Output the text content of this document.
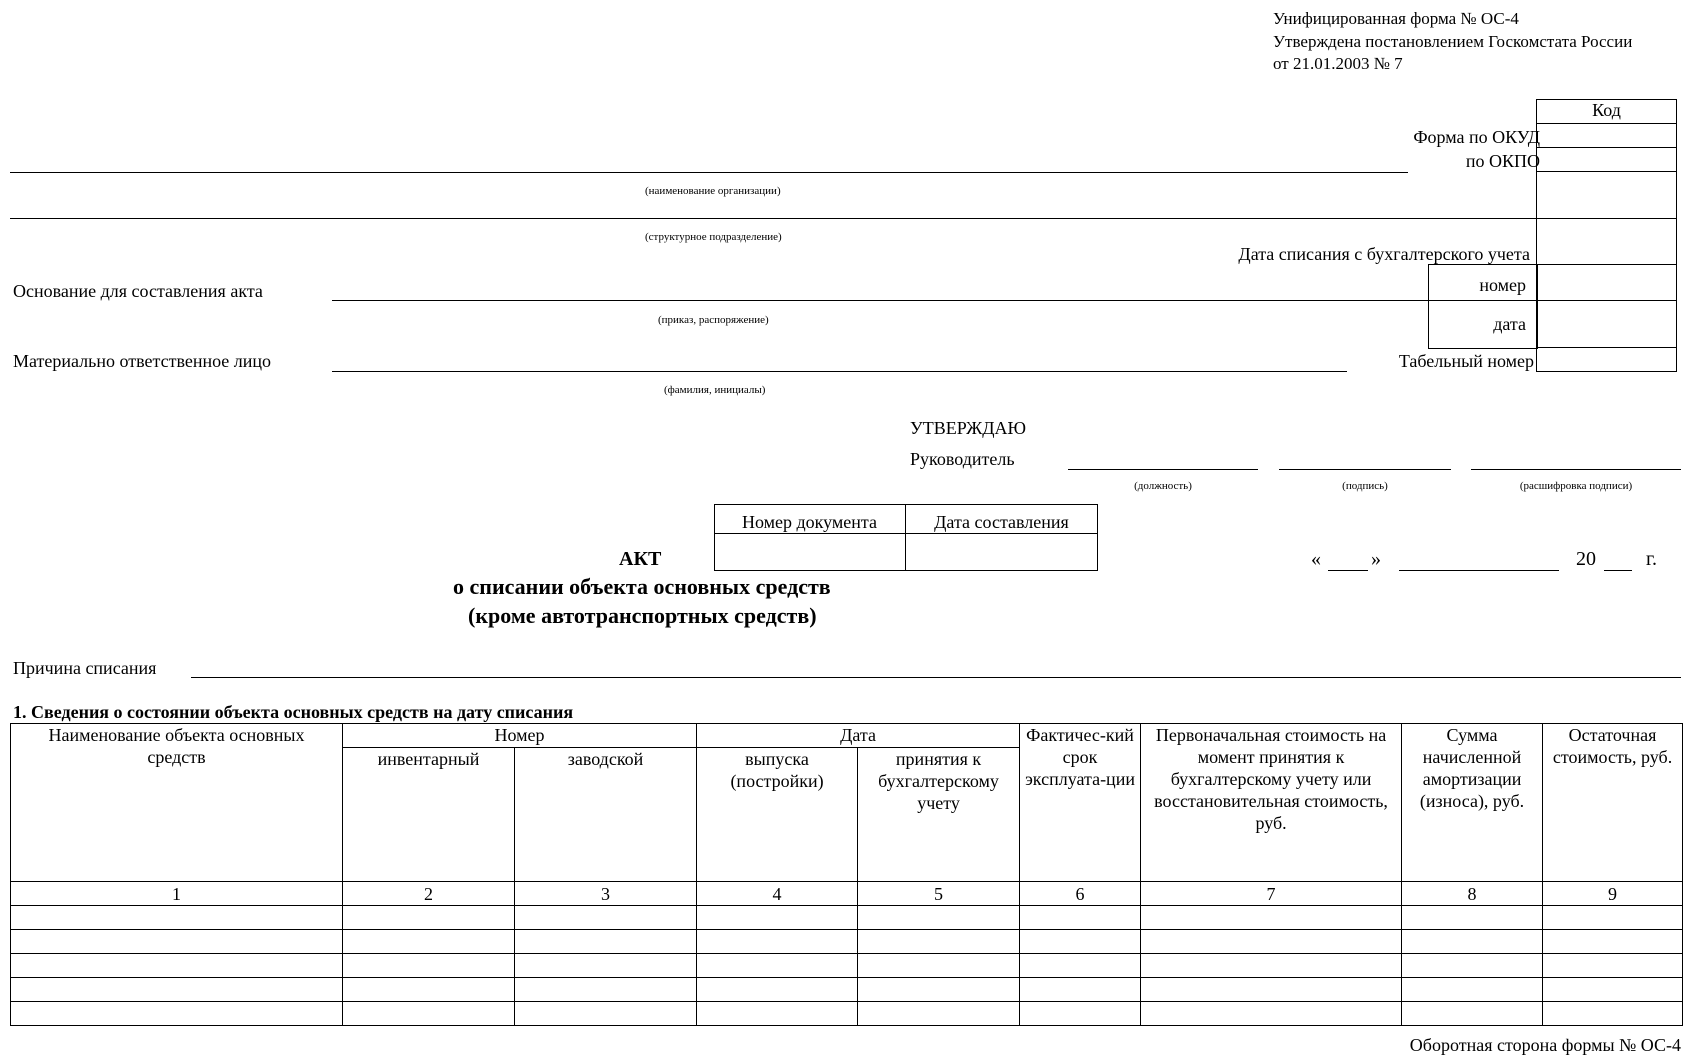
Унифицированная форма № ОС-4
Утверждена постановлением Госкомстата России
от 21.01.2003 № 7
Код
Форма по ОКУД
по ОКПО
Дата списания с бухгалтерского учета
номер
дата
Табельный номер
(наименование организации)
(структурное подразделение)
Основание для составления акта
(приказ, распоряжение)
Материально ответственное лицо
(фамилия, инициалы)
УТВЕРЖДАЮ
Руководитель
(должность)	(подпись)	(расшифровка подписи)
Номер документа	Дата составления
АКТ
о списании объекта основных средств
(кроме автотранспортных средств)
«	»	20	г.
Причина списания
1. Сведения о состоянии объекта основных средств на дату списания
Наименование объекта основных средств	Номер		Дата		Фактичес-кий срок эксплуата-ции	Первоначальная стоимость на момент принятия к бухгалтерскому учету или восстановительная стоимость, руб.	Сумма начисленной амортизации (износа), руб.	Остаточная стоимость, руб.
	инвентарный	заводской	выпуска (постройки)	принятия к бухгалтерскому учету				
1	2	3	4	5	6	7	8	9

Оборотная сторона формы № ОС-4
